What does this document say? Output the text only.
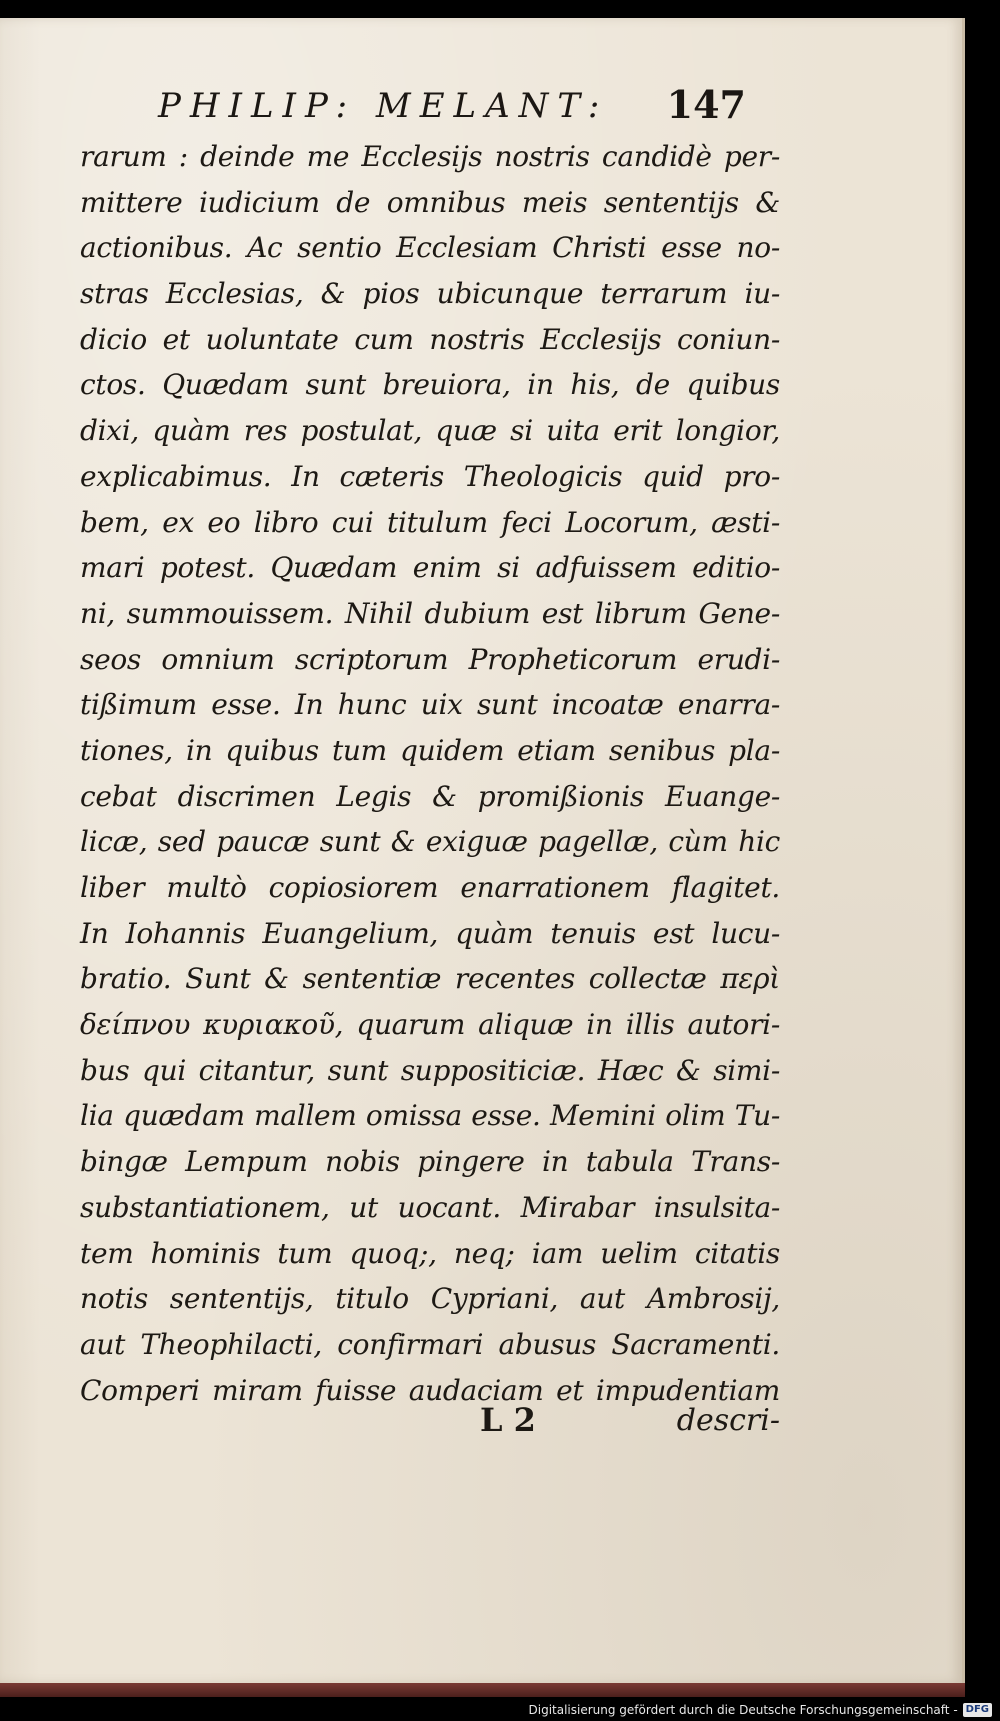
PHILIP: MELANT: 147
rarum : deinde me Ecclesijs nostris candidè per-
mittere iudicium de omnibus meis sententijs &
actionibus. Ac sentio Ecclesiam Christi esse no-
stras Ecclesias, & pios ubicunque terrarum iu-
dicio et uoluntate cum nostris Ecclesijs coniun-
ctos. Quædam sunt breuiora, in his, de quibus
dixi, quàm res postulat, quæ si uita erit longior,
explicabimus. In cæteris Theologicis quid pro-
bem, ex eo libro cui titulum feci Locorum, æsti-
mari potest. Quædam enim si adfuissem editio-
ni, summouissem. Nihil dubium est librum Gene-
seos omnium scriptorum Propheticorum erudi-
tißimum esse. In hunc uix sunt incoatæ enarra-
tiones, in quibus tum quidem etiam senibus pla-
cebat discrimen Legis & promißionis Euange-
licæ, sed paucæ sunt & exiguæ pagellæ, cùm hic
liber multò copiosiorem enarrationem flagitet.
In Iohannis Euangelium, quàm tenuis est lucu-
bratio. Sunt & sententiæ recentes collectæ περὶ
δείπνου κυριακοῦ, quarum aliquæ in illis autori-
bus qui citantur, sunt suppositiciæ. Hæc & simi-
lia quædam mallem omissa esse. Memini olim Tu-
bingæ Lempum nobis pingere in tabula Trans-
substantiationem, ut uocant. Mirabar insulsita-
tem hominis tum quoq;, neq; iam uelim citatis
notis sententijs, titulo Cypriani, aut Ambrosij,
aut Theophilacti, confirmari abusus Sacramenti.
Comperi miram fuisse audaciam et impudentiam
L 2	descri-
Digitalisierung gefördert durch die Deutsche Forschungsgemeinschaft - DFG
